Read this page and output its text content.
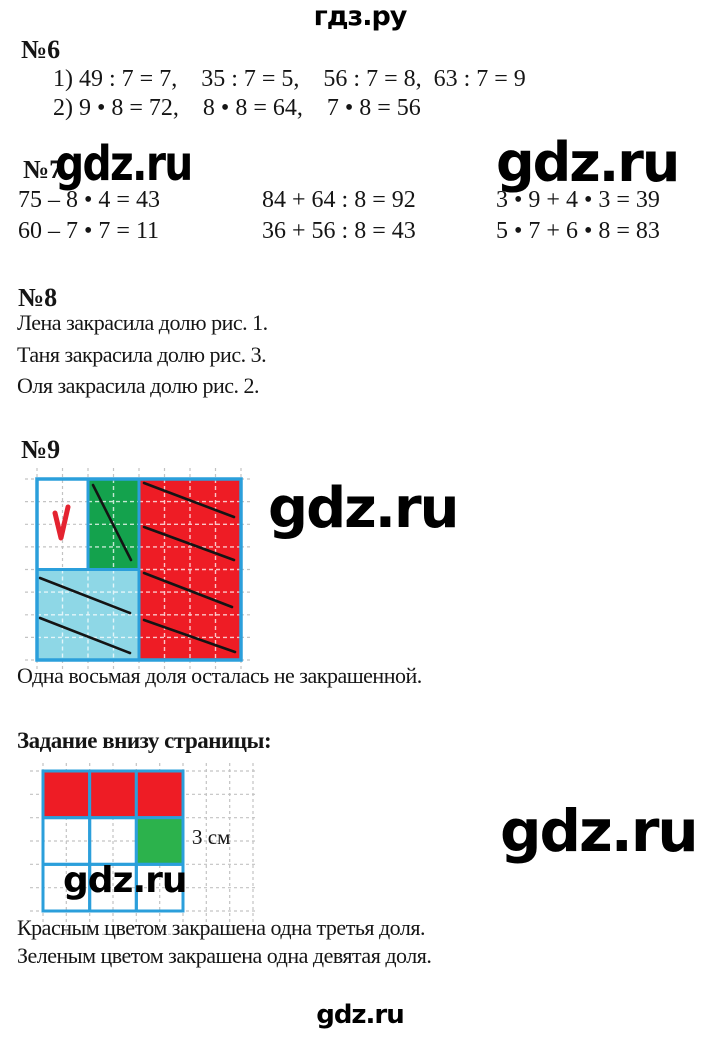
гдз.ру
№6
1) 49 : 7 = 7,    35 : 7 = 5,    56 : 7 = 8,  63 : 7 = 9
2) 9 • 8 = 72,    8 • 8 = 64,    7 • 8 = 56
№7
gdz.ru	gdz.ru
75 – 8 • 4 = 43	84 + 64 : 8 = 92	3 • 9 + 4 • 3 = 39
60 – 7 • 7 = 11	36 + 56 : 8 = 43	5 • 7 + 6 • 8 = 83
№8
Лена закрасила долю рис. 1.
Таня закрасила долю рис. 3.
Оля закрасила долю рис. 2.
№9
gdz.ru
Одна восьмая доля осталась не закрашенной.
Задание внизу страницы:
3 см
gdz.ru
gdz.ru
Красным цветом закрашена одна третья доля.
Зеленым цветом закрашена одна девятая доля.
gdz.ru
